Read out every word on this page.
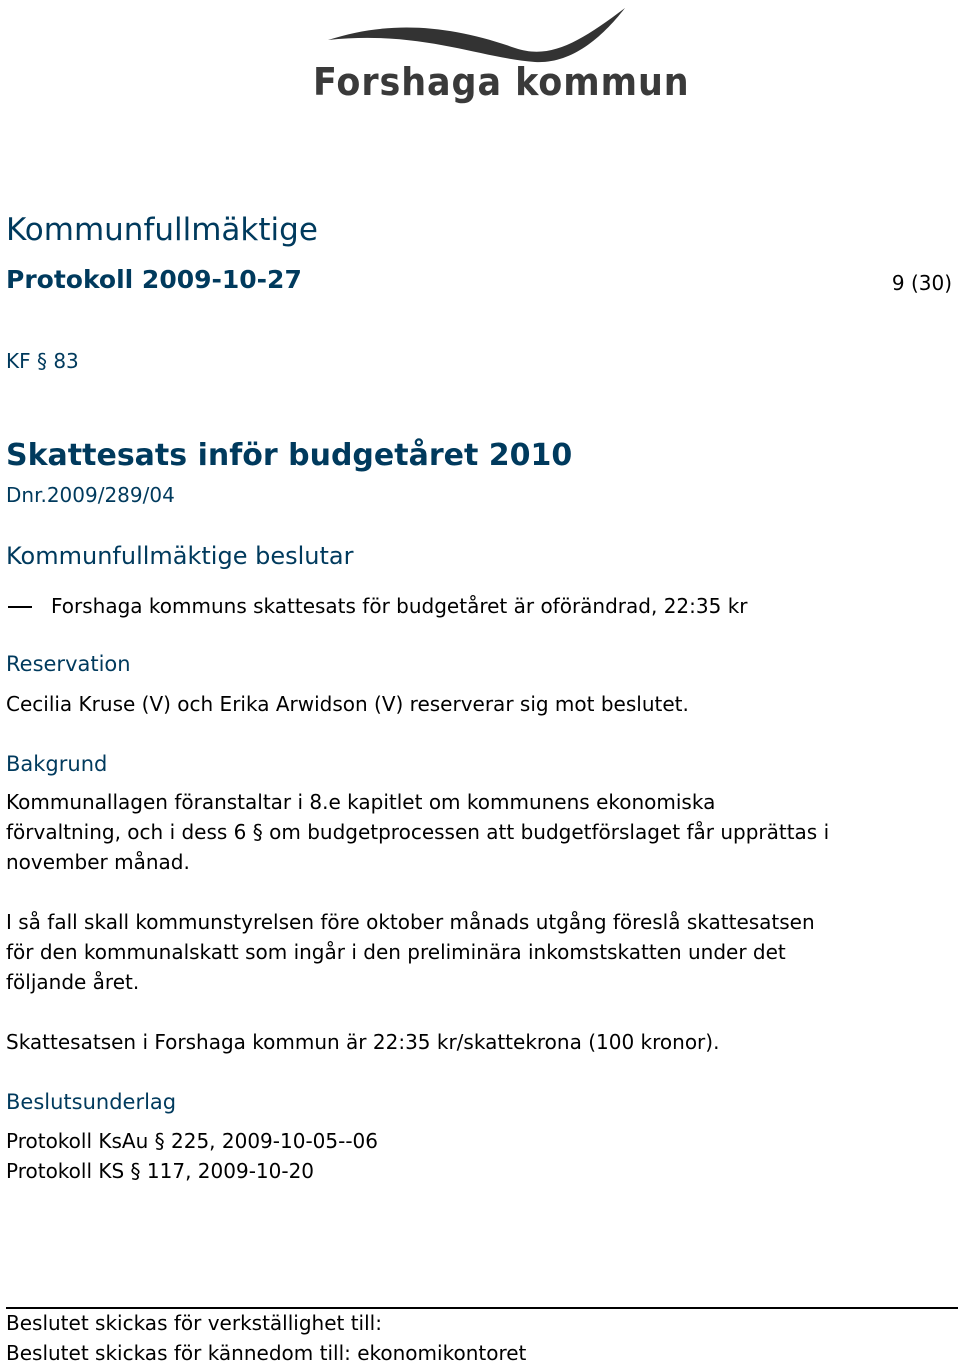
Forshaga kommun
Kommunfullmäktige
Protokoll 2009-10-27	9 (30)
KF § 83
Skattesats inför budgetåret 2010
Dnr.2009/289/04
Kommunfullmäktige beslutar
Forshaga kommuns skattesats för budgetåret är oförändrad, 22:35 kr
Reservation
Cecilia Kruse (V) och Erika Arwidson (V) reserverar sig mot beslutet.
Bakgrund
Kommunallagen föranstaltar i 8.e kapitlet om kommunens ekonomiska
förvaltning, och i dess 6 § om budgetprocessen att budgetförslaget får upprättas i
november månad.
I så fall skall kommunstyrelsen före oktober månads utgång föreslå skattesatsen
för den kommunalskatt som ingår i den preliminära inkomstskatten under det
följande året.
Skattesatsen i Forshaga kommun är 22:35 kr/skattekrona (100 kronor).
Beslutsunderlag
Protokoll KsAu § 225, 2009-10-05--06
Protokoll KS § 117, 2009-10-20
Beslutet skickas för verkställighet till:
Beslutet skickas för kännedom till: ekonomikontoret
